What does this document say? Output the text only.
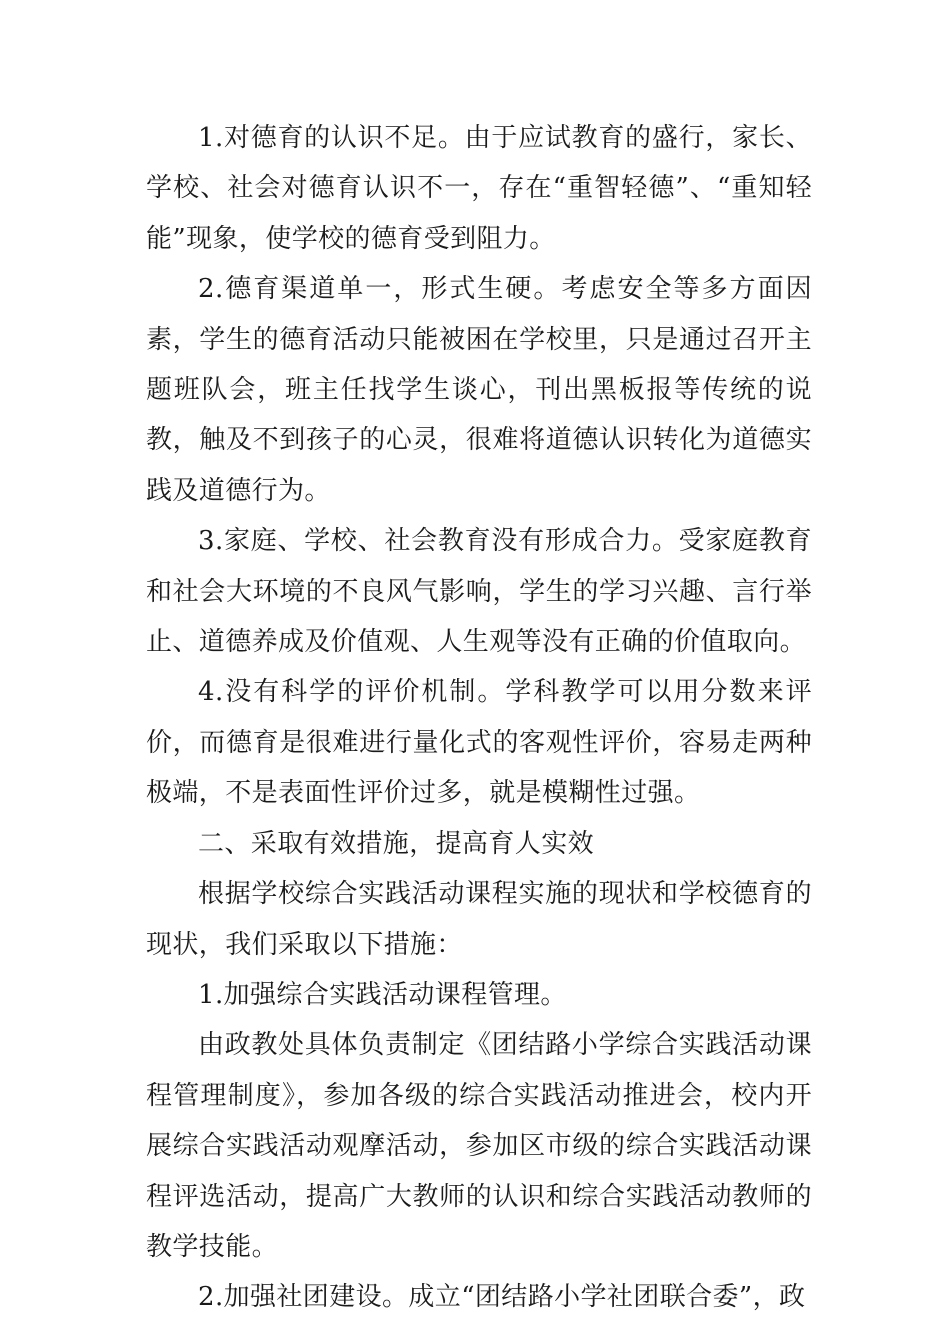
1.对德育的认识不足。由于应试教育的盛行，家长、学校、社会对德育认识不一，存在“重智轻德”、“重知轻能”现象，使学校的德育受到阻力。

2.德育渠道单一，形式生硬。考虑安全等多方面因素，学生的德育活动只能被困在学校里，只是通过召开主题班队会，班主任找学生谈心，刊出黑板报等传统的说教，触及不到孩子的心灵，很难将道德认识转化为道德实践及道德行为。

3.家庭、学校、社会教育没有形成合力。受家庭教育和社会大环境的不良风气影响，学生的学习兴趣、言行举止、道德养成及价值观、人生观等没有正确的价值取向。

4.没有科学的评价机制。学科教学可以用分数来评价，而德育是很难进行量化式的客观性评价，容易走两种极端，不是表面性评价过多，就是模糊性过强。

二、采取有效措施，提高育人实效

根据学校综合实践活动课程实施的现状和学校德育的现状，我们采取以下措施：

1.加强综合实践活动课程管理。

由政教处具体负责制定《团结路小学综合实践活动课程管理制度》，参加各级的综合实践活动推进会，校内开展综合实践活动观摩活动，参加区市级的综合实践活动课程评选活动，提高广大教师的认识和综合实践活动教师的教学技能。

2.加强社团建设。成立“团结路小学社团联合委”，政
